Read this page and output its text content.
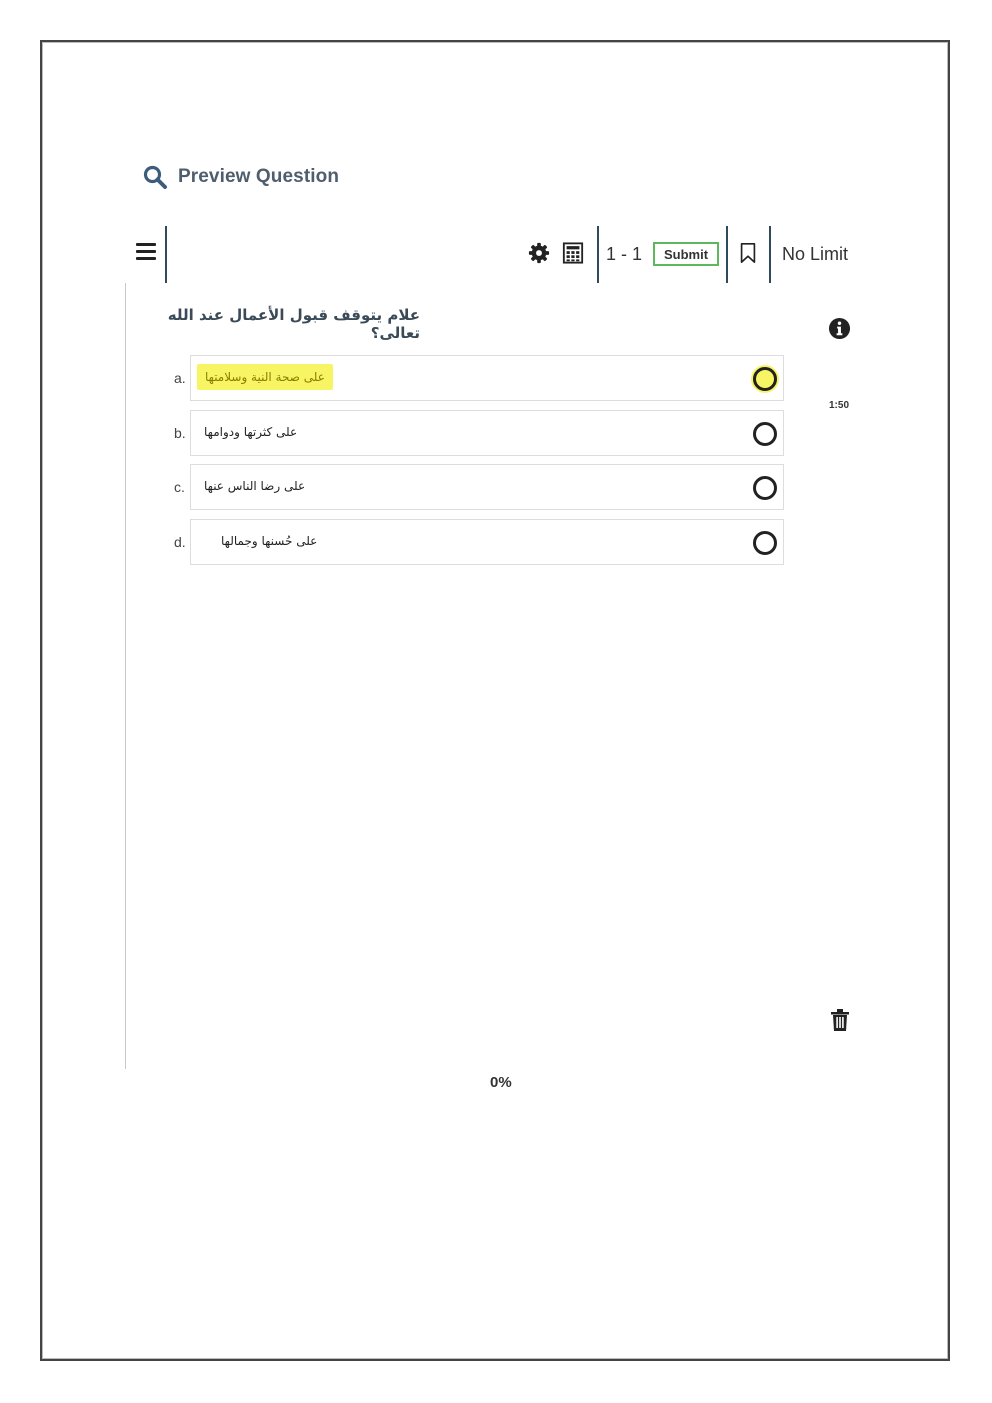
Preview Question
1 - 1	Submit	No Limit
علام يتوقف قبول الأعمال عند الله تعالى؟
1:50
a.	على صحة النية وسلامتها
b. على كثرتها ودوامها
c. على رضا الناس عنها
d.	على حُسنها وجمالها
0%
